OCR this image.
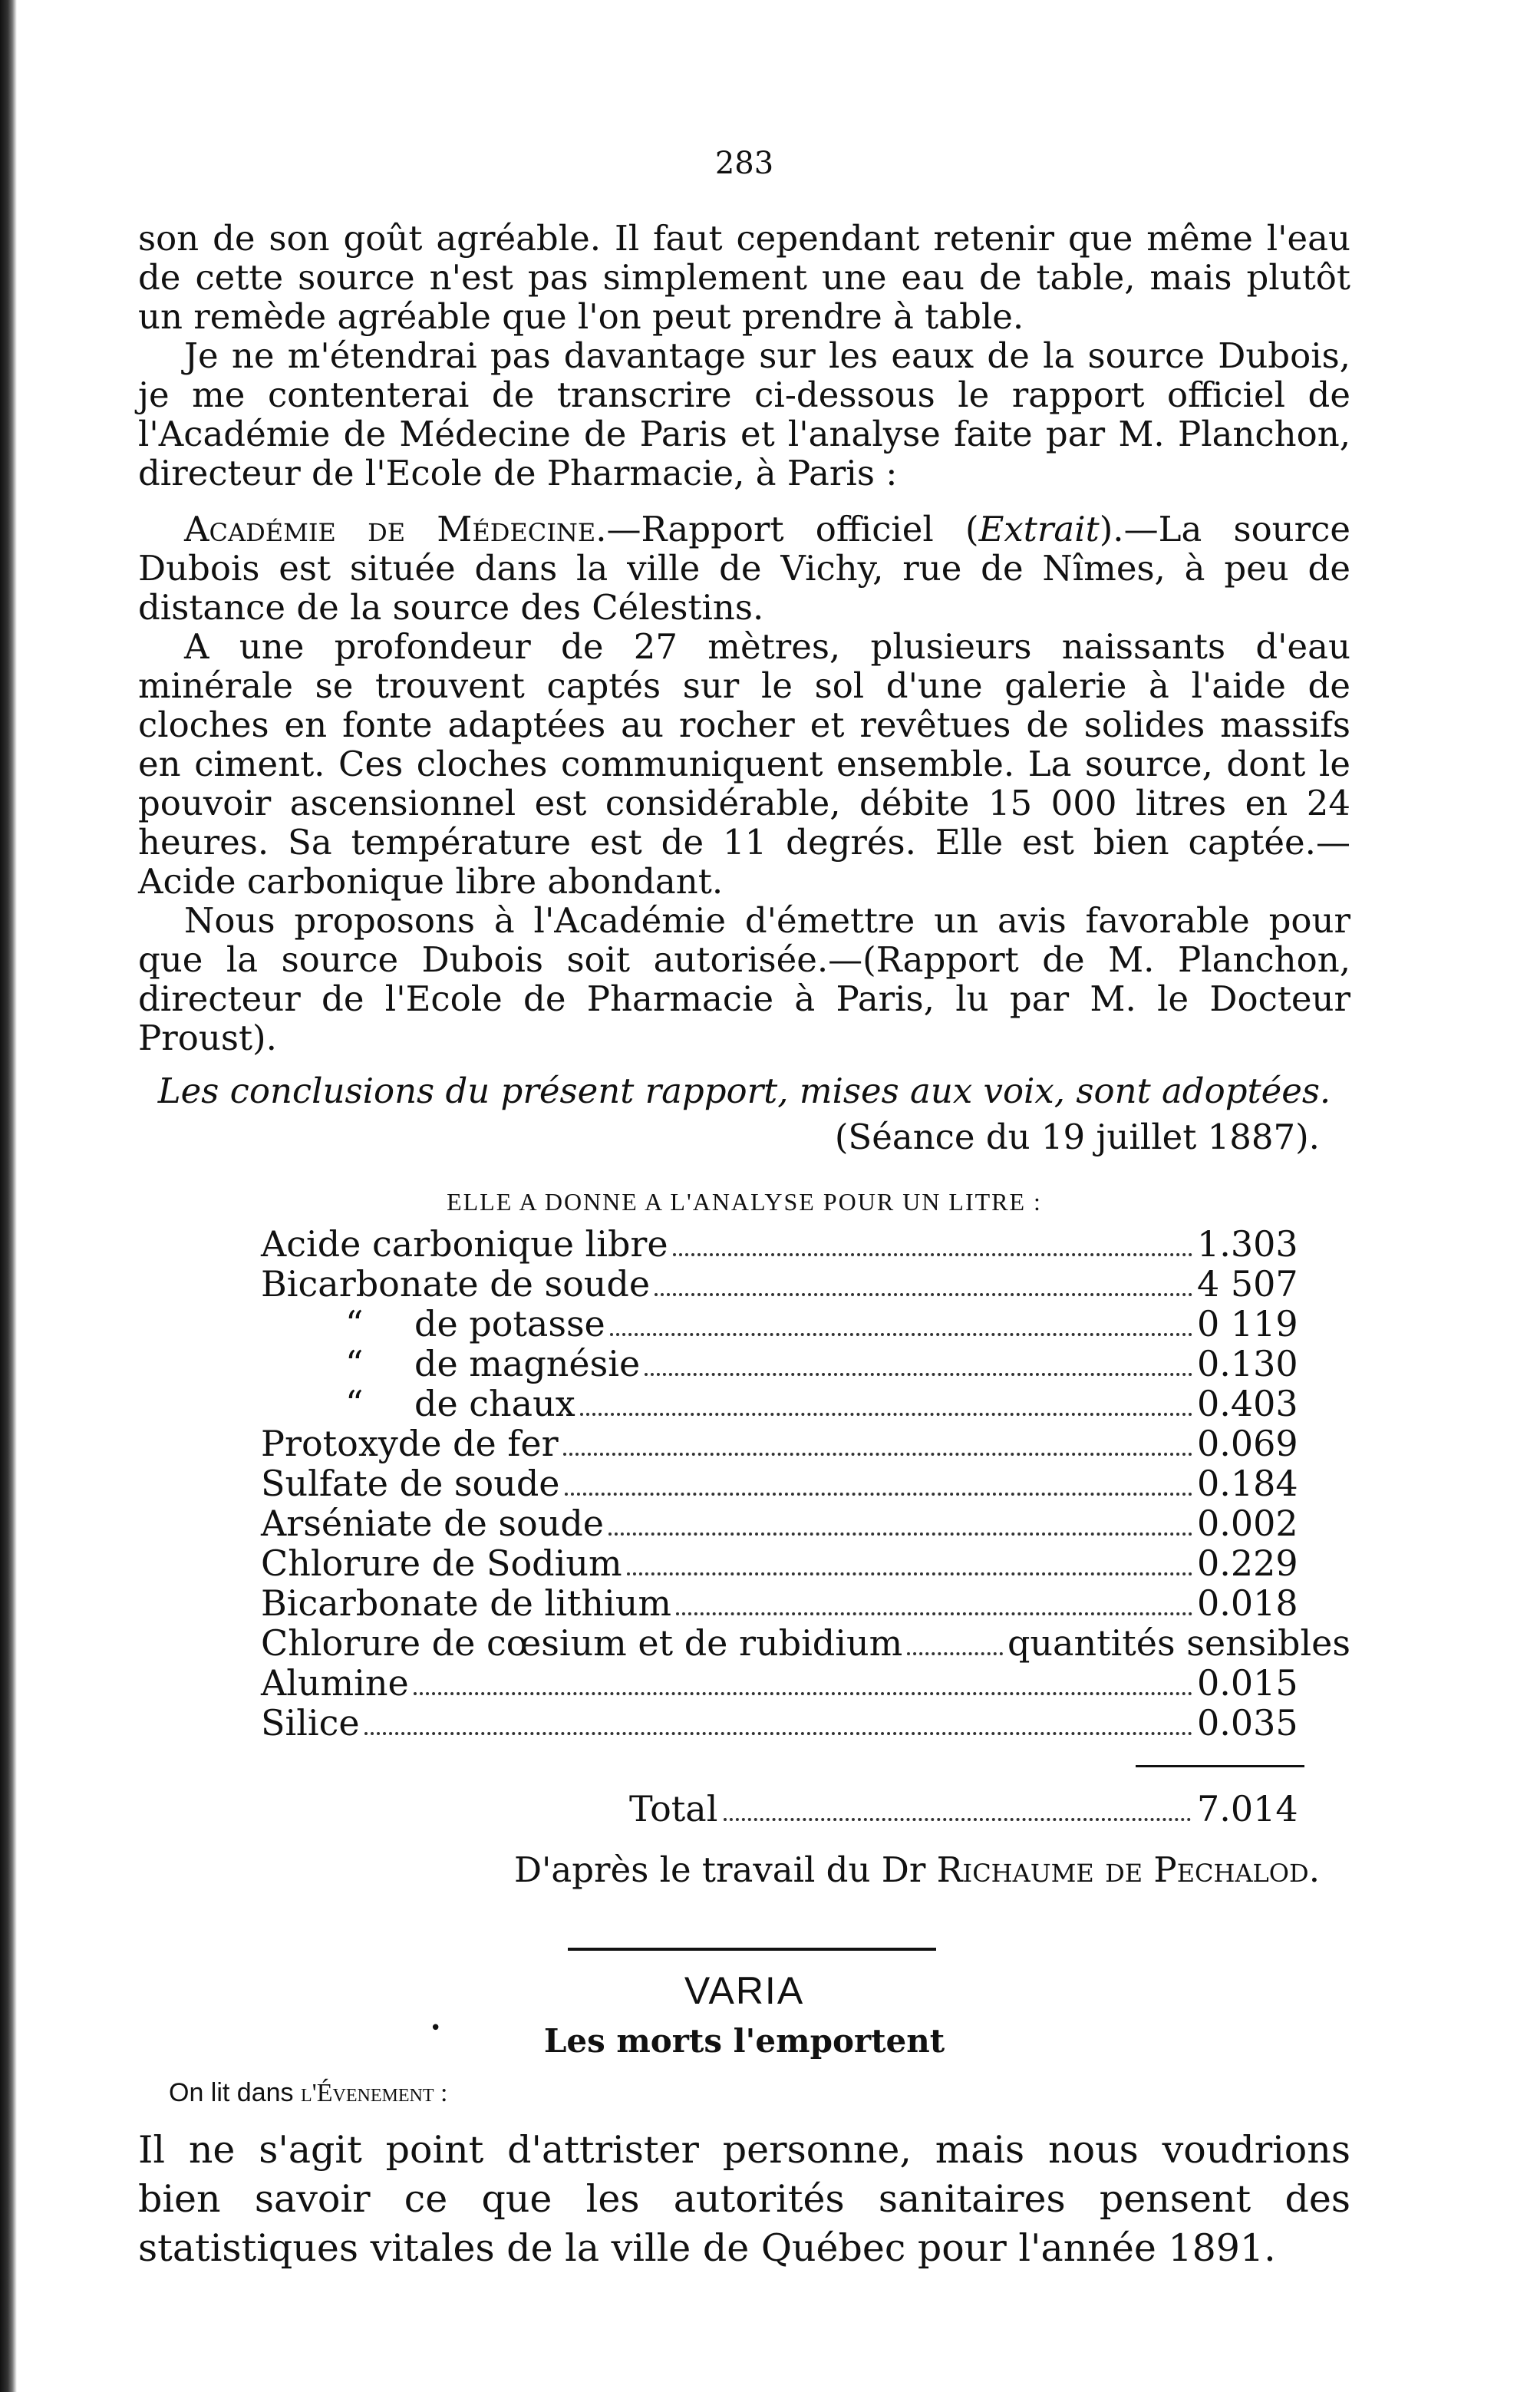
283

son de son goût agréable. Il faut cependant retenir que même l'eau de cette source n'est pas simplement une eau de table, mais plutôt un remède agréable que l'on peut prendre à table.

Je ne m'étendrai pas davantage sur les eaux de la source Dubois, je me contenterai de transcrire ci-dessous le rapport officiel de l'Académie de Médecine de Paris et l'analyse faite par M. Planchon, directeur de l'Ecole de Pharmacie, à Paris :

Académie de Médecine.—Rapport officiel (Extrait).—La source Dubois est située dans la ville de Vichy, rue de Nîmes, à peu de distance de la source des Célestins.

A une profondeur de 27 mètres, plusieurs naissants d'eau minérale se trouvent captés sur le sol d'une galerie à l'aide de cloches en fonte adaptées au rocher et revêtues de solides massifs en ciment. Ces cloches communiquent ensemble. La source, dont le pouvoir ascensionnel est considérable, débite 15 000 litres en 24 heures. Sa température est de 11 degrés. Elle est bien captée.—Acide carbonique libre abondant.

Nous proposons à l'Académie d'émettre un avis favorable pour que la source Dubois soit autorisée.—(Rapport de M. Planchon, directeur de l'Ecole de Pharmacie à Paris, lu par M. le Docteur Proust).

Les conclusions du présent rapport, mises aux voix, sont adoptées.

(Séance du 19 juillet 1887).
ELLE A DONNE A L'ANALYSE POUR UN LITRE :
Acide carbonique libre	1.303
Bicarbonate de soude	4 507
“ de potasse	0 119
“ de magnésie	0.130
“ de chaux	0.403
Protoxyde de fer	0.069
Sulfate de soude	0.184
Arséniate de soude	0.002
Chlorure de Sodium	0.229
Bicarbonate de lithium	0.018
Chlorure de cœsium et de rubidium	quantités sensibles
Alumine	0.015
Silice	0.035
Total	7.014
D'après le travail du Dr Richaume de Pechalod.
VARIA
•	Les morts l'emportent
On lit dans l'Évenement :

Il ne s'agit point d'attrister personne, mais nous voudrions bien savoir ce que les autorités sanitaires pensent des statistiques vitales de la ville de Québec pour l'année 1891.
